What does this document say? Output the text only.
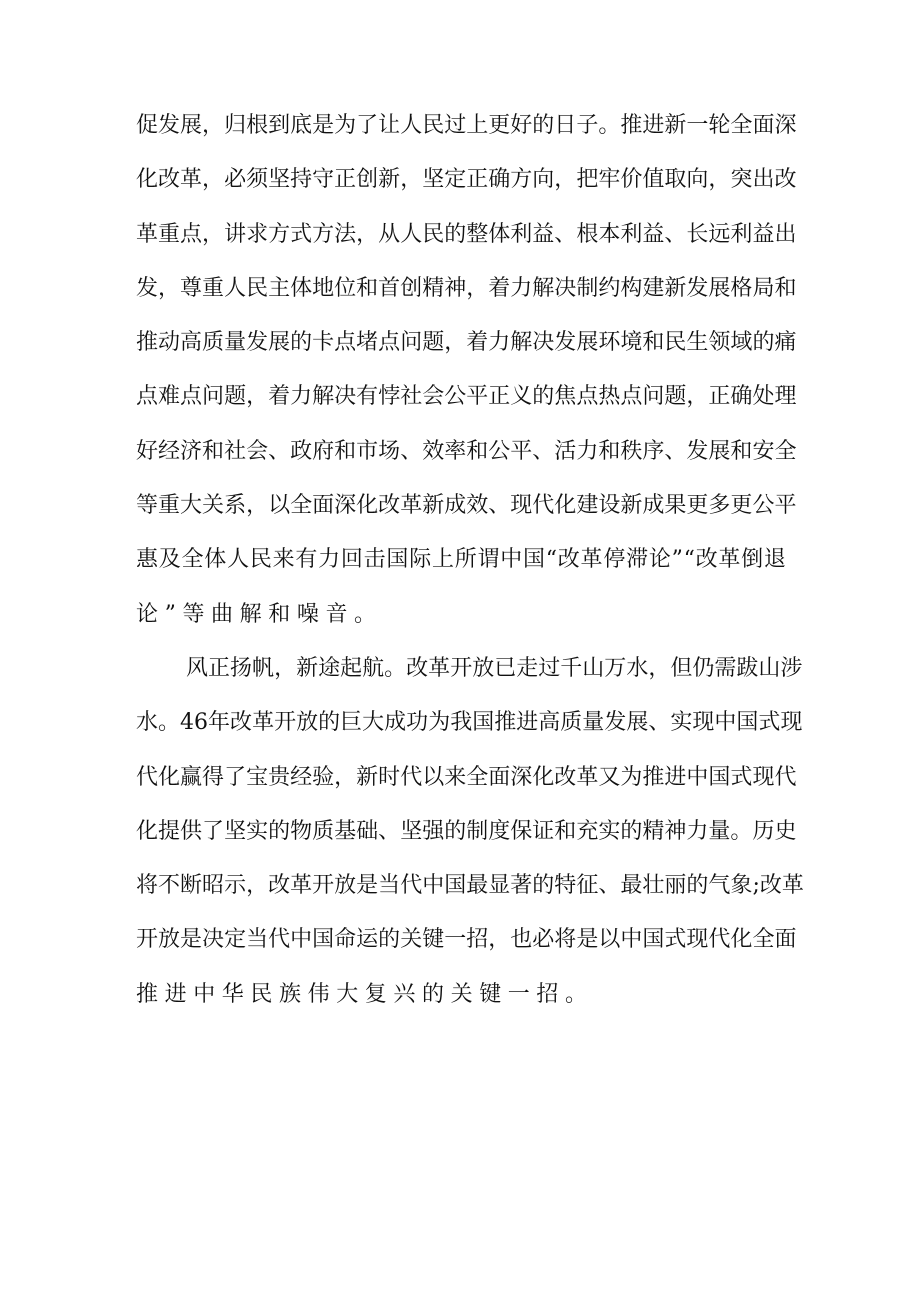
促 发 展 ， 归 根 到 底 是 为 了 让 人 民 过 上 更 好 的 日 子 。 推 进 新 一 轮 全 面 深
化 改 革 ， 必 须 坚 持 守 正 创 新 ， 坚 定 正 确 方 向 ， 把 牢 价 值 取 向 ， 突 出 改
革 重 点 ， 讲 求 方 式 方 法 ， 从 人 民 的 整 体 利 益 、 根 本 利 益 、 长 远 利 益 出
发 ， 尊 重 人 民 主 体 地 位 和 首 创 精 神 ， 着 力 解 决 制 约 构 建 新 发 展 格 局 和
推 动 高 质 量 发 展 的 卡 点 堵 点 问 题 ， 着 力 解 决 发 展 环 境 和 民 生 领 域 的 痛
点 难 点 问 题 ， 着 力 解 决 有 悖 社 会 公 平 正 义 的 焦 点 热 点 问 题 ， 正 确 处 理
好 经 济 和 社 会 、 政 府 和 市 场 、 效 率 和 公 平 、 活 力 和 秩 序 、 发 展 和 安 全
等 重 大 关 系 ， 以 全 面 深 化 改 革 新 成 效 、 现 代 化 建 设 新 成 果 更 多 更 公 平
惠 及 全 体 人 民 来 有 力 回 击 国 际 上 所 谓 中 国 “ 改 革 停 滞 论 ” “ 改 革 倒 退
论”等曲解和噪音。
风 正 扬 帆 ， 新 途 起 航 。 改 革 开 放 已 走 过 千 山 万 水 ， 但 仍 需 跋 山 涉
水 。 46 年 改 革 开 放 的 巨 大 成 功 为 我 国 推 进 高 质 量 发 展 、 实 现 中 国 式 现
代 化 赢 得 了 宝 贵 经 验 ， 新 时 代 以 来 全 面 深 化 改 革 又 为 推 进 中 国 式 现 代
化 提 供 了 坚 实 的 物 质 基 础 、 坚 强 的 制 度 保 证 和 充 实 的 精 神 力 量 。 历 史
将 不 断 昭 示 ， 改 革 开 放 是 当 代 中 国 最 显 著 的 特 征 、 最 壮 丽 的 气 象 ; 改 革
开 放 是 决 定 当 代 中 国 命 运 的 关 键 一 招 ， 也 必 将 是 以 中 国 式 现 代 化 全 面
推进中华民族伟大复兴的关键一招。
